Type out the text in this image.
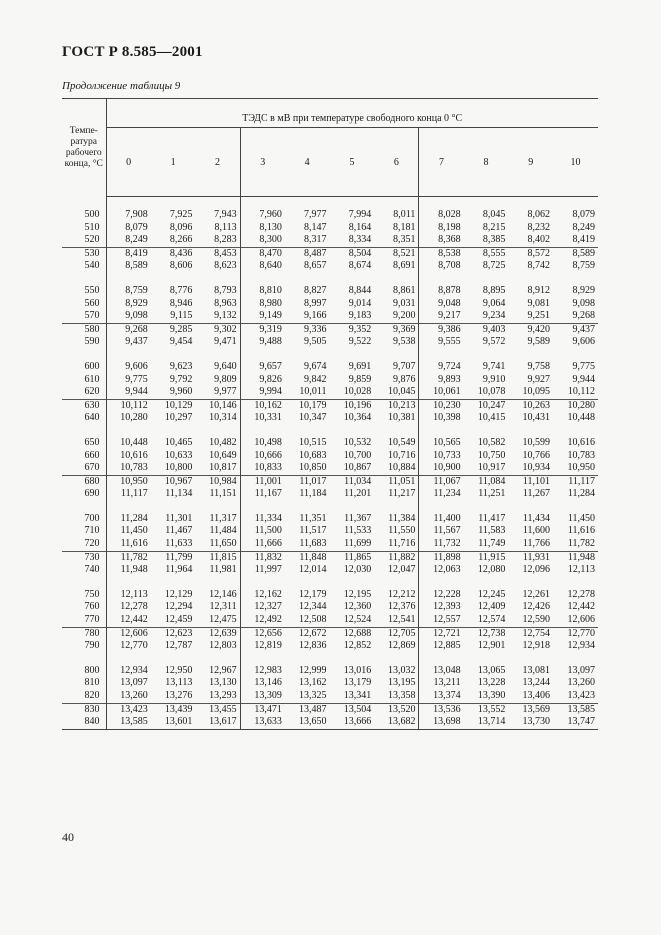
ГОСТ Р 8.585—2001
Продолжение таблицы 9
Темпе-ратура рабочего конца, °С	ТЭДС в мВ при температуре свободного конца 0 °С										
	0	1	2	3	4	5	6	7	8	9	10

500	7,908	7,925	7,943	7,960	7,977	7,994	8,011	8,028	8,045	8,062	8,079
510	8,079	8,096	8,113	8,130	8,147	8,164	8,181	8,198	8,215	8,232	8,249
520	8,249	8,266	8,283	8,300	8,317	8,334	8,351	8,368	8,385	8,402	8,419
530	8,419	8,436	8,453	8,470	8,487	8,504	8,521	8,538	8,555	8,572	8,589
540	8,589	8,606	8,623	8,640	8,657	8,674	8,691	8,708	8,725	8,742	8,759

550	8,759	8,776	8,793	8,810	8,827	8,844	8,861	8,878	8,895	8,912	8,929
560	8,929	8,946	8,963	8,980	8,997	9,014	9,031	9,048	9,064	9,081	9,098
570	9,098	9,115	9,132	9,149	9,166	9,183	9,200	9,217	9,234	9,251	9,268
580	9,268	9,285	9,302	9,319	9,336	9,352	9,369	9,386	9,403	9,420	9,437
590	9,437	9,454	9,471	9,488	9,505	9,522	9,538	9,555	9,572	9,589	9,606

600	9,606	9,623	9,640	9,657	9,674	9,691	9,707	9,724	9,741	9,758	9,775
610	9,775	9,792	9,809	9,826	9,842	9,859	9,876	9,893	9,910	9,927	9,944
620	9,944	9,960	9,977	9,994	10,011	10,028	10,045	10,061	10,078	10,095	10,112
630	10,112	10,129	10,146	10,162	10,179	10,196	10,213	10,230	10,247	10,263	10,280
640	10,280	10,297	10,314	10,331	10,347	10,364	10,381	10,398	10,415	10,431	10,448

650	10,448	10,465	10,482	10,498	10,515	10,532	10,549	10,565	10,582	10,599	10,616
660	10,616	10,633	10,649	10,666	10,683	10,700	10,716	10,733	10,750	10,766	10,783
670	10,783	10,800	10,817	10,833	10,850	10,867	10,884	10,900	10,917	10,934	10,950
680	10,950	10,967	10,984	11,001	11,017	11,034	11,051	11,067	11,084	11,101	11,117
690	11,117	11,134	11,151	11,167	11,184	11,201	11,217	11,234	11,251	11,267	11,284

700	11,284	11,301	11,317	11,334	11,351	11,367	11,384	11,400	11,417	11,434	11,450
710	11,450	11,467	11,484	11,500	11,517	11,533	11,550	11,567	11,583	11,600	11,616
720	11,616	11,633	11,650	11,666	11,683	11,699	11,716	11,732	11,749	11,766	11,782
730	11,782	11,799	11,815	11,832	11,848	11,865	11,882	11,898	11,915	11,931	11,948
740	11,948	11,964	11,981	11,997	12,014	12,030	12,047	12,063	12,080	12,096	12,113

750	12,113	12,129	12,146	12,162	12,179	12,195	12,212	12,228	12,245	12,261	12,278
760	12,278	12,294	12,311	12,327	12,344	12,360	12,376	12,393	12,409	12,426	12,442
770	12,442	12,459	12,475	12,492	12,508	12,524	12,541	12,557	12,574	12,590	12,606
780	12,606	12,623	12,639	12,656	12,672	12,688	12,705	12,721	12,738	12,754	12,770
790	12,770	12,787	12,803	12,819	12,836	12,852	12,869	12,885	12,901	12,918	12,934

800	12,934	12,950	12,967	12,983	12,999	13,016	13,032	13,048	13,065	13,081	13,097
810	13,097	13,113	13,130	13,146	13,162	13,179	13,195	13,211	13,228	13,244	13,260
820	13,260	13,276	13,293	13,309	13,325	13,341	13,358	13,374	13,390	13,406	13,423
830	13,423	13,439	13,455	13,471	13,487	13,504	13,520	13,536	13,552	13,569	13,585
840	13,585	13,601	13,617	13,633	13,650	13,666	13,682	13,698	13,714	13,730	13,747
40
